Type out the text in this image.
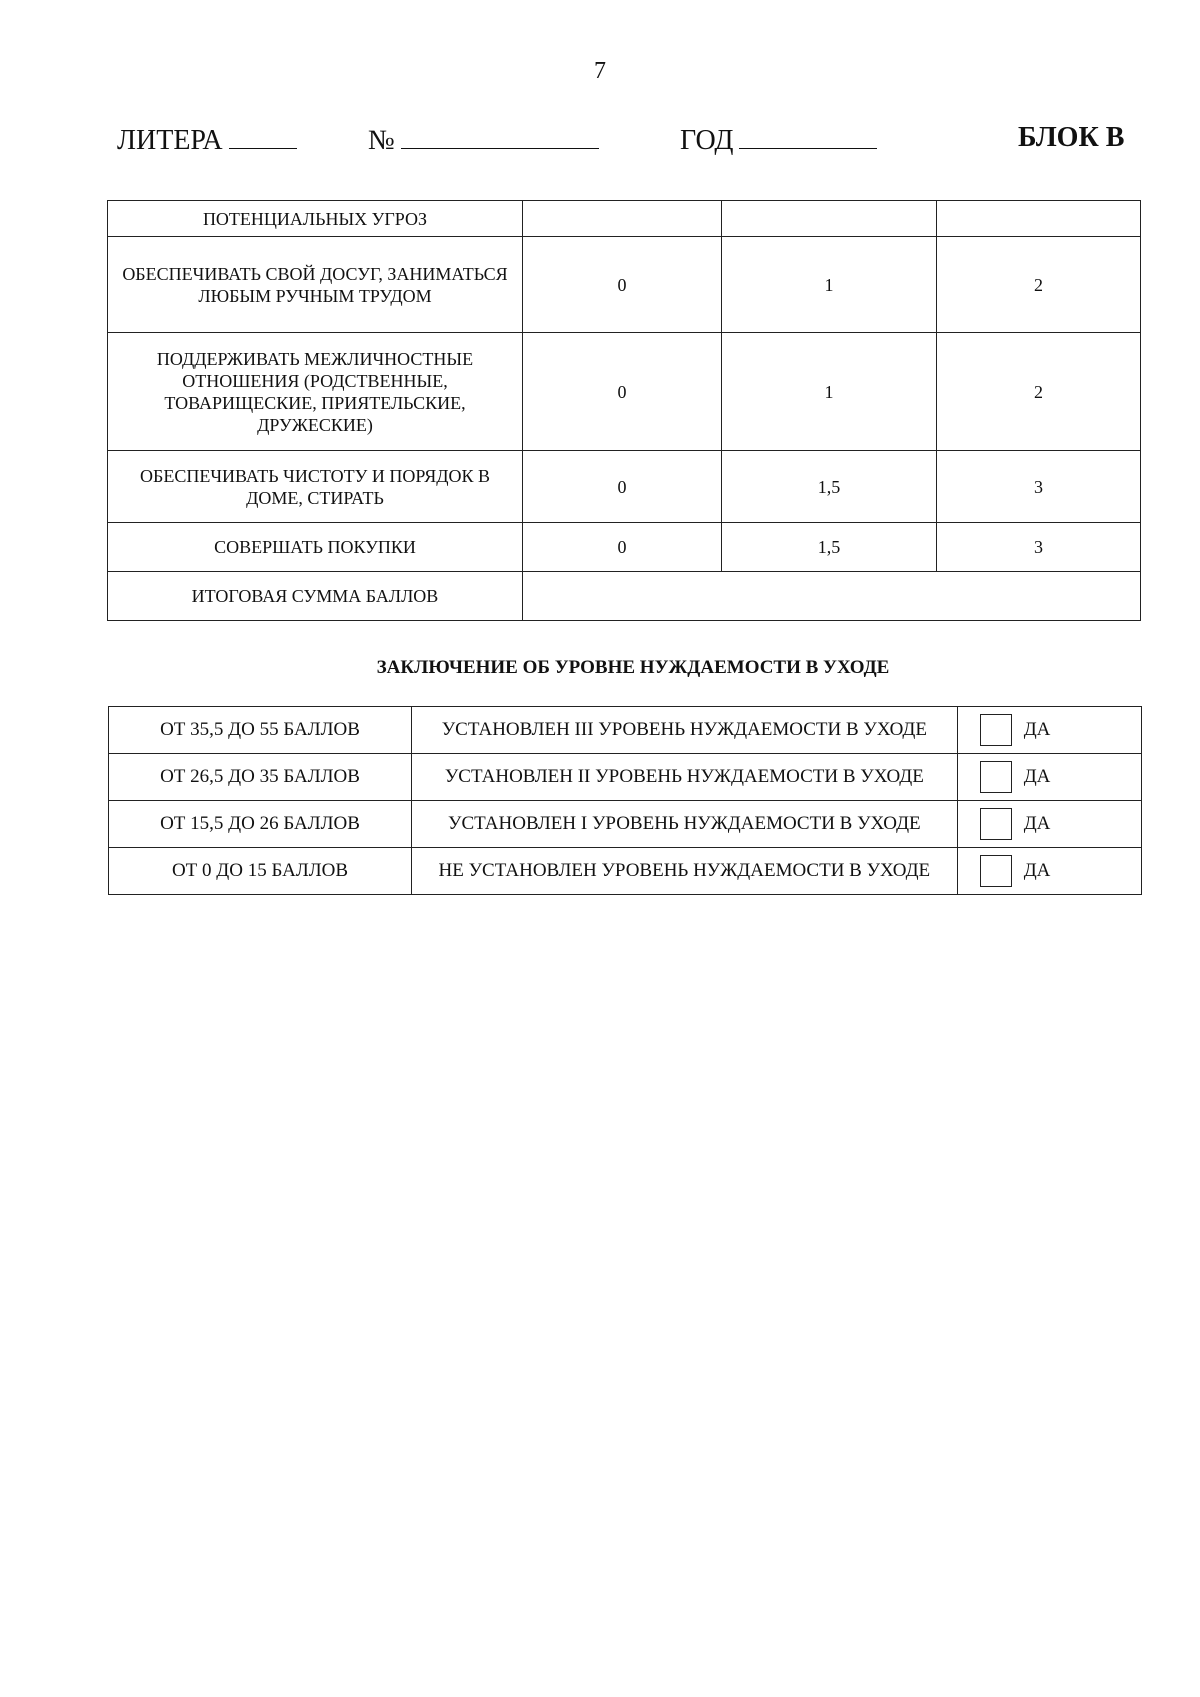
7
ЛИТЕРА	№	ГОД	БЛОК В
ПОТЕНЦИАЛЬНЫХ УГРОЗ			
ОБЕСПЕЧИВАТЬ СВОЙ ДОСУГ, ЗАНИМАТЬСЯ ЛЮБЫМ РУЧНЫМ ТРУДОМ	0	1	2
ПОДДЕРЖИВАТЬ МЕЖЛИЧНОСТНЫЕ ОТНОШЕНИЯ (РОДСТВЕННЫЕ, ТОВАРИЩЕСКИЕ, ПРИЯТЕЛЬСКИЕ, ДРУЖЕСКИЕ)	0	1	2
ОБЕСПЕЧИВАТЬ ЧИСТОТУ И ПОРЯДОК В ДОМЕ, СТИРАТЬ	0	1,5	3
СОВЕРШАТЬ ПОКУПКИ	0	1,5	3
ИТОГОВАЯ СУММА БАЛЛОВ			
ЗАКЛЮЧЕНИЕ ОБ УРОВНЕ НУЖДАЕМОСТИ В УХОДЕ
ОТ 35,5 ДО 55 БАЛЛОВ	УСТАНОВЛЕН III УРОВЕНЬ НУЖДАЕМОСТИ В УХОДЕ	ДА
ОТ 26,5 ДО 35 БАЛЛОВ	УСТАНОВЛЕН II УРОВЕНЬ НУЖДАЕМОСТИ В УХОДЕ	ДА
ОТ 15,5 ДО 26 БАЛЛОВ	УСТАНОВЛЕН I УРОВЕНЬ НУЖДАЕМОСТИ В УХОДЕ	ДА
ОТ 0 ДО 15 БАЛЛОВ	НЕ УСТАНОВЛЕН УРОВЕНЬ НУЖДАЕМОСТИ В УХОДЕ	ДА
